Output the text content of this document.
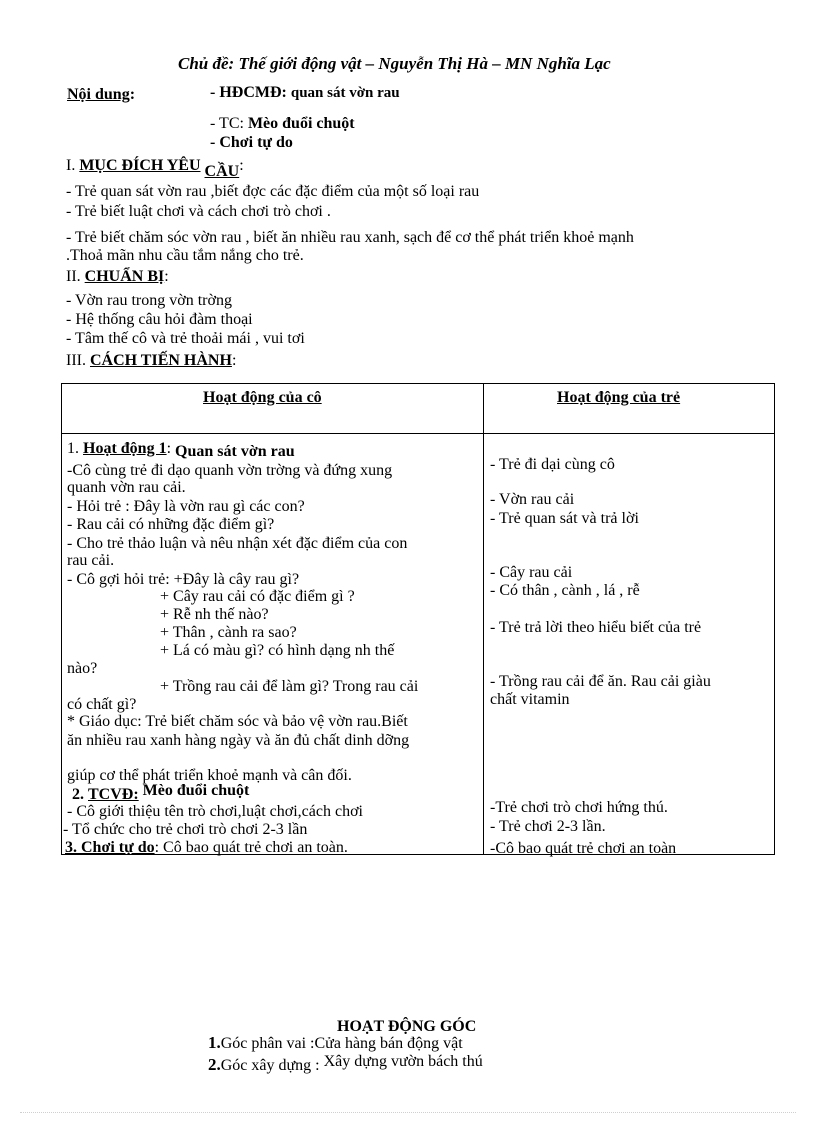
Chủ đề: Thế giới động vật – Nguyễn Thị Hà – MN Nghĩa Lạc
Nội dung:	- HĐCMĐ: quan sát vờn rau
- TC: Mèo đuổi chuột
- Chơi tự do
I. MỤC ĐÍCH YÊU CẦU:
- Trẻ quan sát vờn rau ,biết đợc các đặc điểm của một số loại rau
- Trẻ biết luật chơi và cách chơi trò chơi .
- Trẻ biết chăm sóc vờn rau , biết ăn nhiều rau xanh, sạch để cơ thể phát triển khoẻ mạnh
.Thoả mãn nhu cầu tắm nắng cho trẻ.
II. CHUẨN BỊ:
- Vờn rau trong vờn trờng
- Hệ thống câu hỏi đàm thoại
- Tâm thế cô và trẻ thoải mái , vui tơi
III. CÁCH TIẾN HÀNH:
Hoạt động của cô	Hoạt động của trẻ
1. Hoạt động 1: Quan sát vờn rau
-Cô cùng trẻ đi dạo quanh vờn trờng và đứng xung
quanh vờn rau cải.
- Hỏi trẻ : Đây là vờn rau gì các con?
- Rau cải có những đặc điểm gì?
- Cho trẻ thảo luận và nêu nhận xét đặc điểm của con
rau cải.
- Cô gợi hỏi trẻ: +Đây là cây rau gì?
+ Cây rau cải có đặc điểm gì ?
+ Rễ nh thế nào?
+ Thân , cành ra sao?
+ Lá có màu gì? có hình dạng nh thế
nào?
+ Trồng rau cải để làm gì? Trong rau cải
có chất gì?
* Giáo dục: Trẻ biết chăm sóc và bảo vệ vờn rau.Biết
ăn nhiều rau xanh hàng ngày và ăn đủ chất dinh dỡng
giúp cơ thể phát triển khoẻ mạnh và cân đối.
2. TCVĐ: Mèo đuổi chuột
- Cô giới thiệu tên trò chơi,luật chơi,cách chơi
- Tổ chức cho trẻ chơi trò chơi 2-3 lần
3. Chơi tự do: Cô bao quát trẻ chơi an toàn.
- Trẻ đi dại cùng cô
- Vờn rau cải
- Trẻ quan sát và trả lời
- Cây rau cải
- Có thân , cành , lá , rễ
- Trẻ trả lời theo hiểu biết của trẻ
- Trồng rau cải để ăn. Rau cải giàu
chất vitamin
-Trẻ chơi trò chơi hứng thú.
- Trẻ chơi 2-3 lần.
-Cô bao quát trẻ chơi an toàn
HOẠT ĐỘNG GÓC
1.Góc phân vai :Cửa hàng bán động vật
2.Góc xây dựng : Xây dựng vườn bách thú
